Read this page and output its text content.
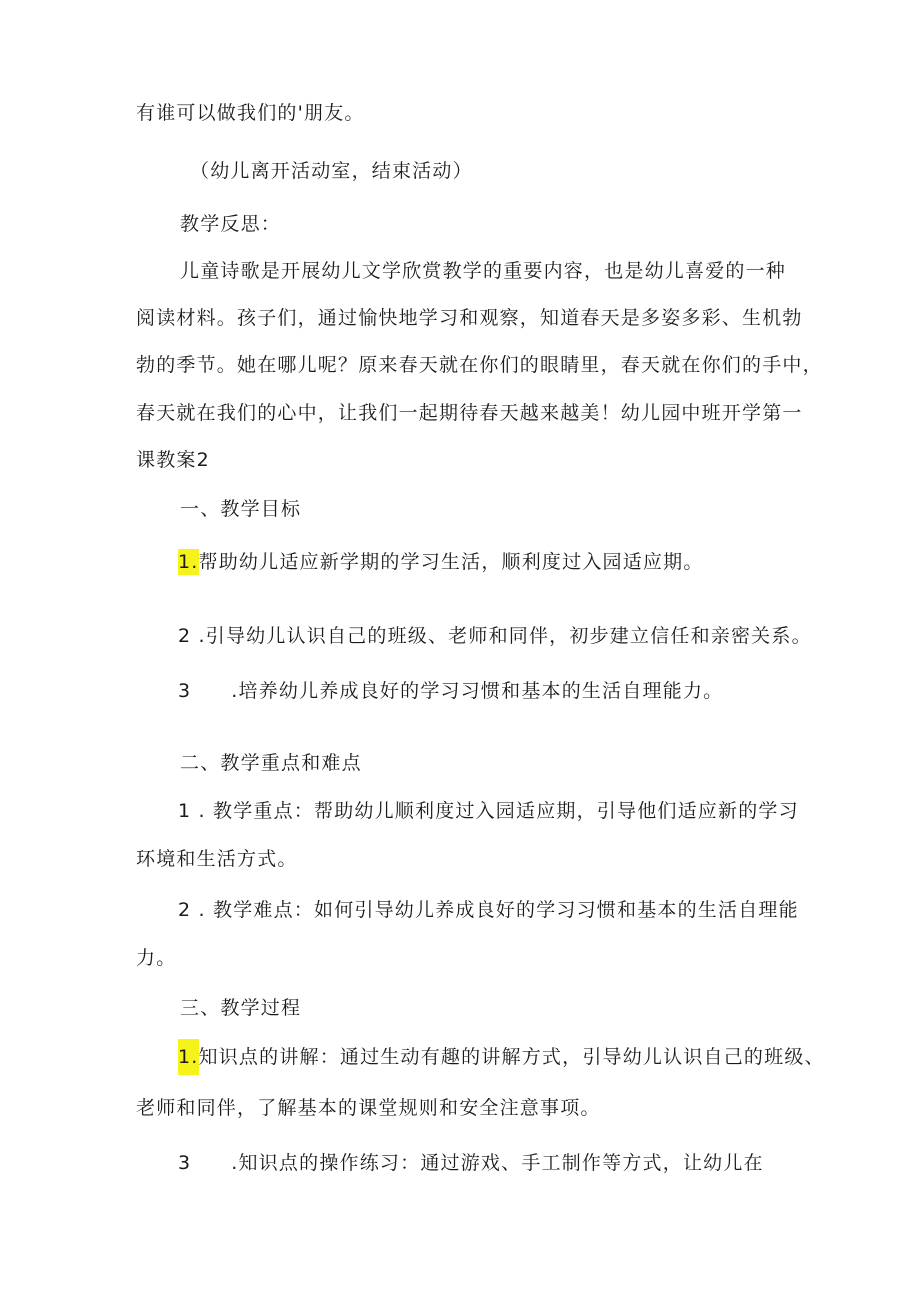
有谁可以做我们的'朋友。
（幼儿离开活动室，结束活动）
教学反思：
儿童诗歌是开展幼儿文学欣赏教学的重要内容，也是幼儿喜爱的一种
阅读材料。孩子们，通过愉快地学习和观察，知道春天是多姿多彩、生机勃
勃的季节。她在哪儿呢？原来春天就在你们的眼睛里，春天就在你们的手中，
春天就在我们的心中，让我们一起期待春天越来越美！幼儿园中班开学第一
课教案2
一、教学目标
1.帮助幼儿适应新学期的学习生活，顺利度过入园适应期。
2 .引导幼儿认识自己的班级、老师和同伴，初步建立信任和亲密关系。
3 .培养幼儿养成良好的学习习惯和基本的生活自理能力。
二、教学重点和难点
1 . 教学重点：帮助幼儿顺利度过入园适应期，引导他们适应新的学习
环境和生活方式。
2 . 教学难点：如何引导幼儿养成良好的学习习惯和基本的生活自理能
力。
三、教学过程
1.知识点的讲解：通过生动有趣的讲解方式，引导幼儿认识自己的班级、
老师和同伴，了解基本的课堂规则和安全注意事项。
3 .知识点的操作练习：通过游戏、手工制作等方式，让幼儿在
